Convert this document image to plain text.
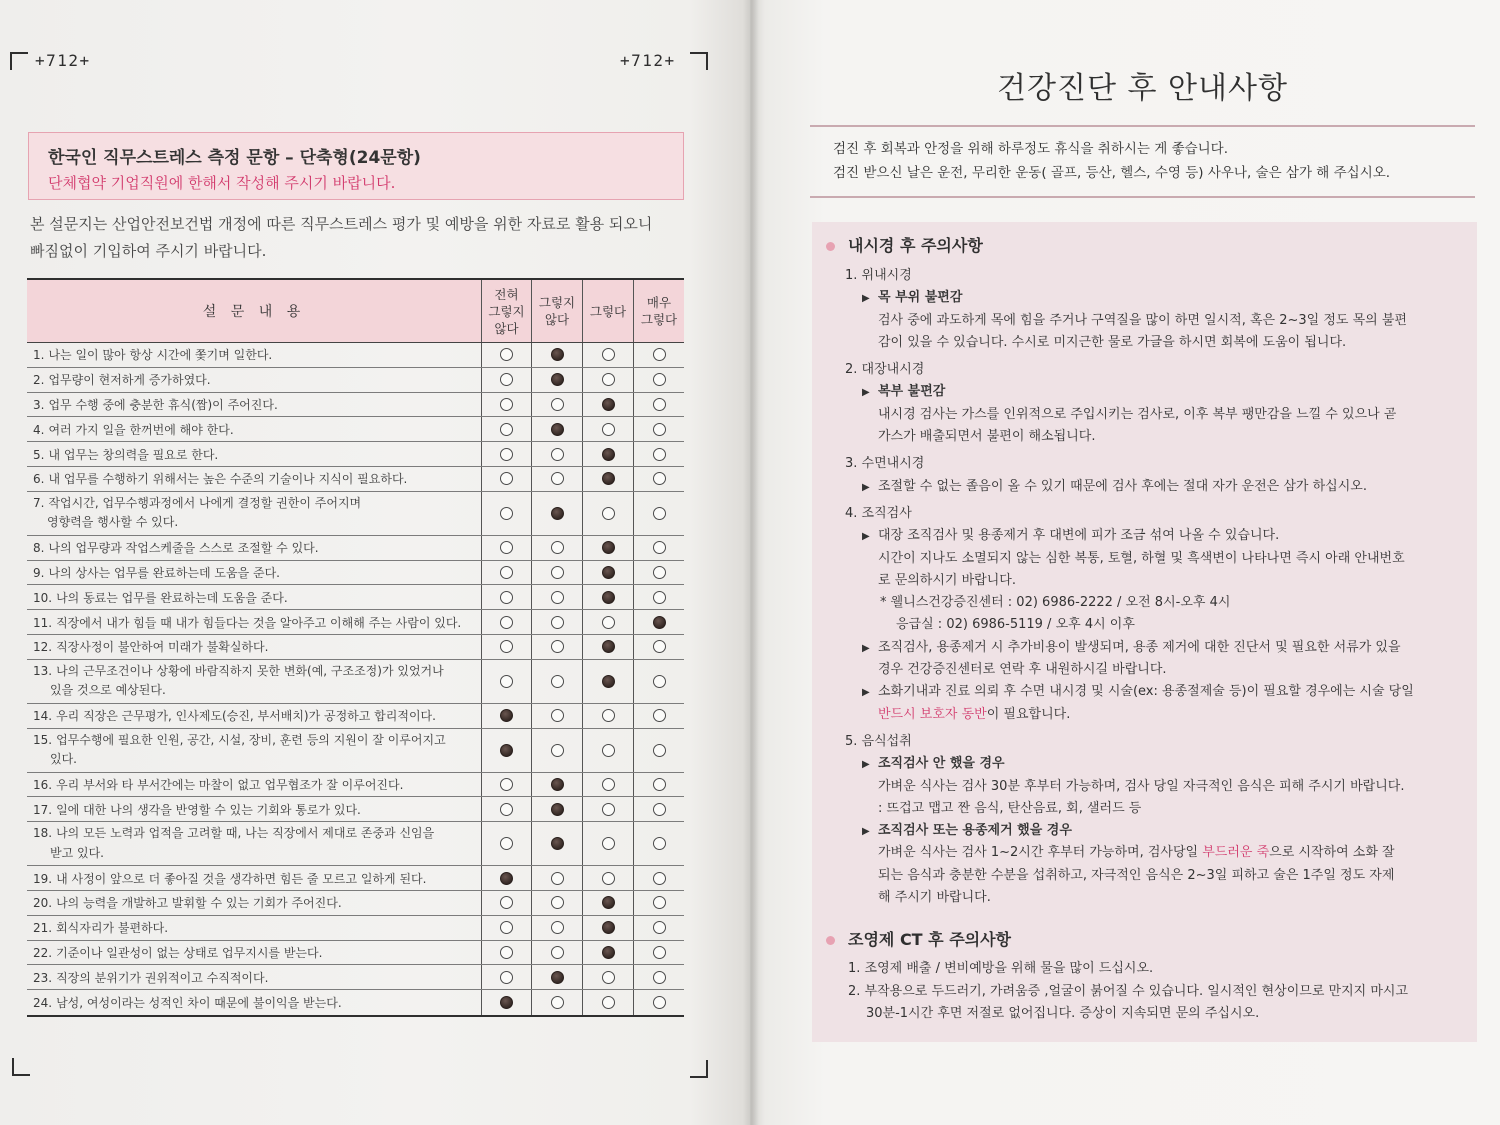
+712+	+712+
한국인 직무스트레스 측정 문항 – 단축형(24문항)
단체협약 기업직원에 한해서 작성해 주시기 바랍니다.
본 설문지는 산업안전보건법 개정에 따른 직무스트레스 평가 및 예방을 위한 자료로 활용 되오니
빠짐없이 기입하여 주시기 바랍니다.
설 문 내 용
전혀
그렇지
않다
그렇지
않다
그렇다
매우
그렇다
1. 나는 일이 많아 항상 시간에 쫓기며 일한다.
2. 업무량이 현저하게 증가하였다.
3. 업무 수행 중에 충분한 휴식(짬)이 주어진다.
4. 여러 가지 일을 한꺼번에 해야 한다.
5. 내 업무는 창의력을 필요로 한다.
6. 내 업무를 수행하기 위해서는 높은 수준의 기술이나 지식이 필요하다.
7. 작업시간, 업무수행과정에서 나에게 결정할 권한이 주어지며
영향력을 행사할 수 있다.
8. 나의 업무량과 작업스케줄을 스스로 조절할 수 있다.
9. 나의 상사는 업무를 완료하는데 도움을 준다.
10. 나의 동료는 업무를 완료하는데 도움을 준다.
11. 직장에서 내가 힘들 때 내가 힘들다는 것을 알아주고 이해해 주는 사람이 있다.
12. 직장사정이 불안하여 미래가 불확실하다.
13. 나의 근무조건이나 상황에 바람직하지 못한 변화(예, 구조조정)가 있었거나
있을 것으로 예상된다.
14. 우리 직장은 근무평가, 인사제도(승진, 부서배치)가 공정하고 합리적이다.
15. 업무수행에 필요한 인원, 공간, 시설, 장비, 훈련 등의 지원이 잘 이루어지고
있다.
16. 우리 부서와 타 부서간에는 마찰이 없고 업무협조가 잘 이루어진다.
17. 일에 대한 나의 생각을 반영할 수 있는 기회와 통로가 있다.
18. 나의 모든 노력과 업적을 고려할 때, 나는 직장에서 제대로 존중과 신임을
받고 있다.
19. 내 사정이 앞으로 더 좋아질 것을 생각하면 힘든 줄 모르고 일하게 된다.
20. 나의 능력을 개발하고 발휘할 수 있는 기회가 주어진다.
21. 회식자리가 불편하다.
22. 기준이나 일관성이 없는 상태로 업무지시를 받는다.
23. 직장의 분위기가 권위적이고 수직적이다.
24. 남성, 여성이라는 성적인 차이 때문에 불이익을 받는다.
건강진단 후 안내사항
검진 후 회복과 안정을 위해 하루정도 휴식을 취하시는 게 좋습니다.
검진 받으신 날은 운전, 무리한 운동( 골프, 등산, 헬스, 수영 등) 사우나, 술은 삼가 해 주십시오.
내시경 후 주의사항
1. 위내시경
▶목 부위 불편감
검사 중에 과도하게 목에 힘을 주거나 구역질을 많이 하면 일시적, 혹은 2~3일 정도 목의 불편
감이 있을 수 있습니다. 수시로 미지근한 물로 가글을 하시면 회복에 도움이 됩니다.
2. 대장내시경
▶복부 불편감
내시경 검사는 가스를 인위적으로 주입시키는 검사로, 이후 복부 팽만감을 느낄 수 있으나 곧
가스가 배출되면서 불편이 해소됩니다.
3. 수면내시경
▶조절할 수 없는 졸음이 올 수 있기 때문에 검사 후에는 절대 자가 운전은 삼가 하십시오.
4. 조직검사
▶대장 조직검사 및 용종제거 후 대변에 피가 조금 섞여 나올 수 있습니다.
시간이 지나도 소멸되지 않는 심한 복통, 토혈, 하혈 및 흑색변이 나타나면 즉시 아래 안내번호
로 문의하시기 바랍니다.
* 웰니스건강증진센터 : 02) 6986-2222 / 오전 8시-오후 4시
응급실 : 02) 6986-5119 / 오후 4시 이후
▶조직검사, 용종제거 시 추가비용이 발생되며, 용종 제거에 대한 진단서 및 필요한 서류가 있을
경우 건강증진센터로 연락 후 내원하시길 바랍니다.
▶소화기내과 진료 의뢰 후 수면 내시경 및 시술(ex: 용종절제술 등)이 필요할 경우에는 시술 당일
반드시 보호자 동반이 필요합니다.
5. 음식섭취
▶조직검사 안 했을 경우
가벼운 식사는 검사 30분 후부터 가능하며, 검사 당일 자극적인 음식은 피해 주시기 바랍니다.
: 뜨겁고 맵고 짠 음식, 탄산음료, 회, 샐러드 등
▶조직검사 또는 용종제거 했을 경우
가벼운 식사는 검사 1~2시간 후부터 가능하며, 검사당일 부드러운 죽으로 시작하여 소화 잘
되는 음식과 충분한 수분을 섭취하고, 자극적인 음식은 2~3일 피하고 술은 1주일 정도 자제
해 주시기 바랍니다.
조영제 CT 후 주의사항
1. 조영제 배출 / 변비예방을 위해 물을 많이 드십시오.
2. 부작용으로 두드러기, 가려움증 ,얼굴이 붉어질 수 있습니다. 일시적인 현상이므로 만지지 마시고
30분-1시간 후면 저절로 없어집니다. 증상이 지속되면 문의 주십시오.
